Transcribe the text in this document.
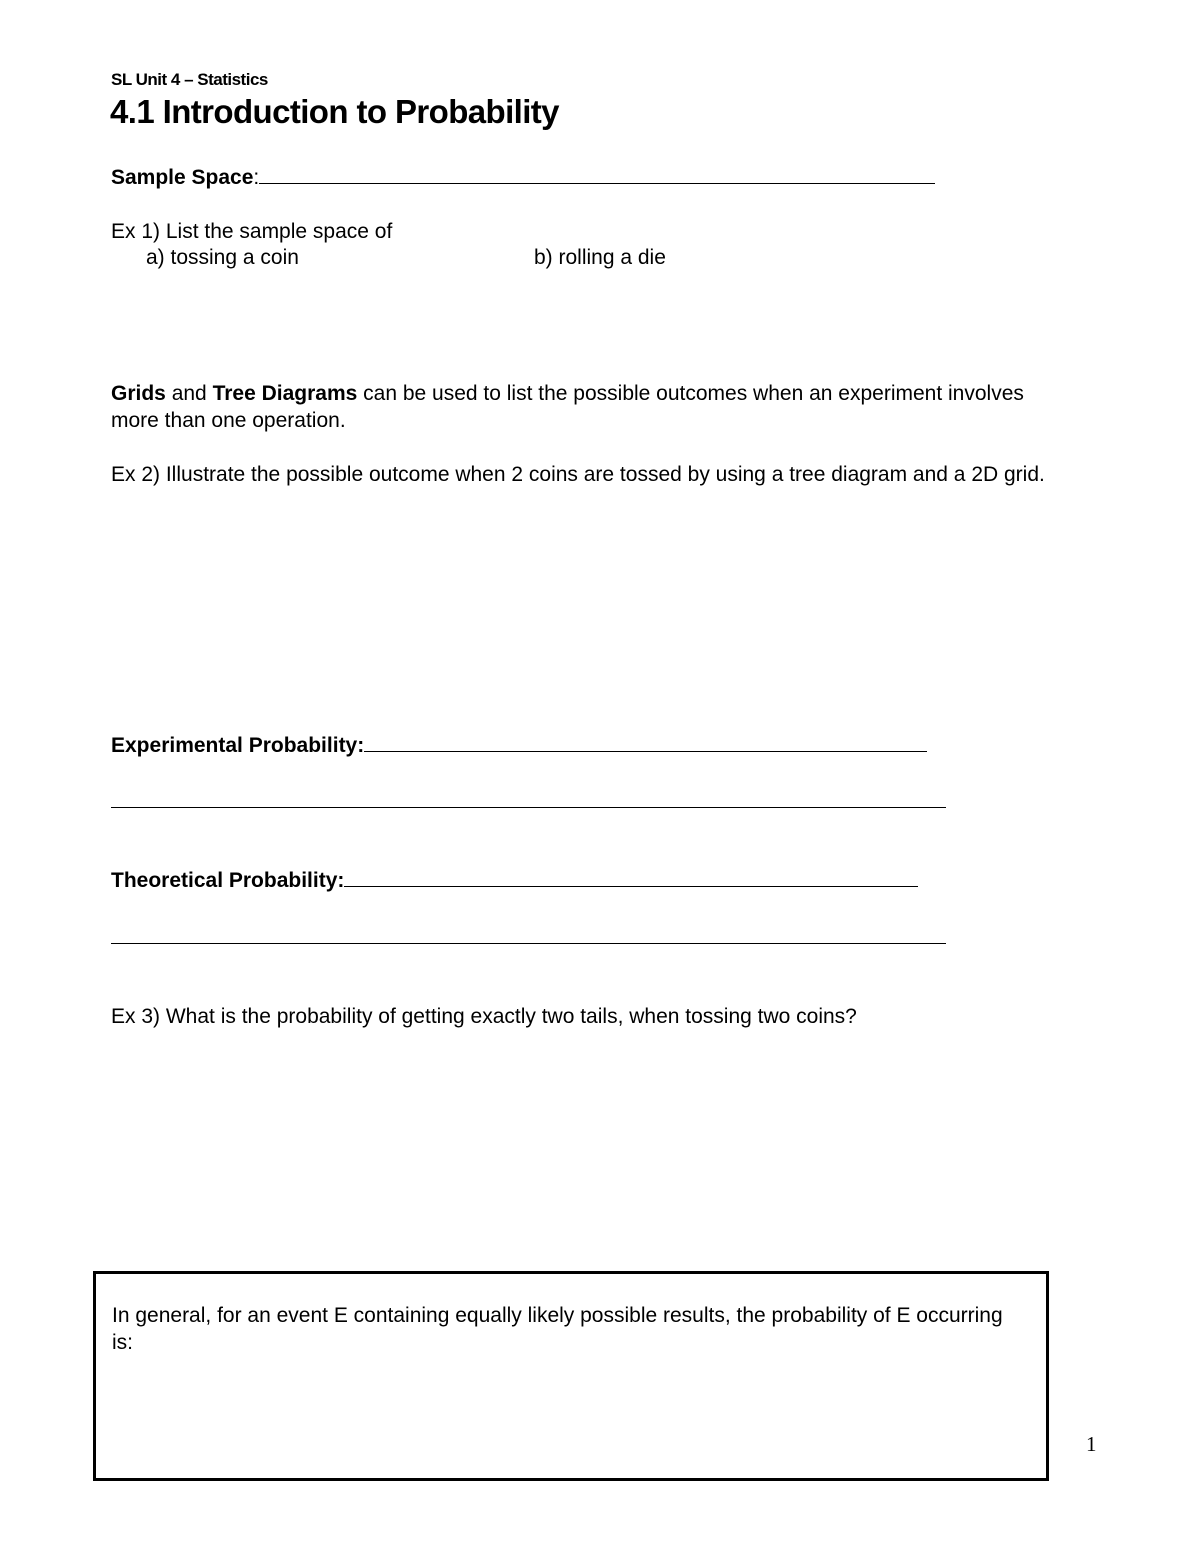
SL Unit 4 – Statistics
4.1 Introduction to Probability
Sample Space:
Ex 1) List the sample space of
a) tossing a coin	b) rolling a die
Grids and Tree Diagrams can be used to list the possible outcomes when an experiment involves more than one operation.
Ex 2) Illustrate the possible outcome when 2 coins are tossed by using a tree diagram and a 2D grid.
Experimental Probability:
Theoretical Probability:
Ex 3) What is the probability of getting exactly two tails, when tossing two coins?
In general, for an event E containing equally likely possible results, the probability of E occurring is:
1
